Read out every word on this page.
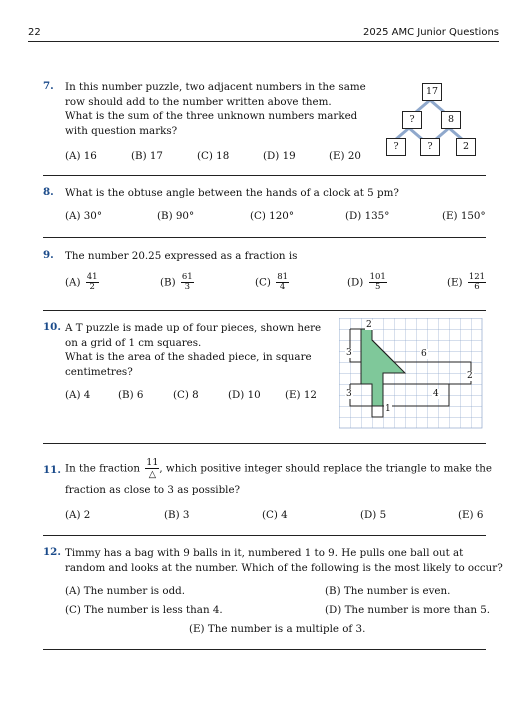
22	2025 AMC Junior Questions
7. In this number puzzle, two adjacent numbers in the same
row should add to the number written above them.
What is the sum of the three unknown numbers marked
with question marks?
(A) 16	(B) 17	(C) 18	(D) 19	(E) 20
17
?	8
?	?	2
8. What is the obtuse angle between the hands of a clock at 5 pm?
(A) 30°	(B) 90°	(C) 120°	(D) 135°	(E) 150°
9. The number 20.25 expressed as a fraction is
$(A) \frac{41}{2}$	$(B) \frac{61}{3}$	$(C) \frac{81}{4}$	$(D) \frac{101}{5}$	$(E) \frac{121}{6}$
10. A T puzzle is made up of four pieces, shown here
on a grid of 1 cm squares.
What is the area of the shaded piece, in square
centimetres?
(A) 4	(B) 6	(C) 8	(D) 10 (E) 12
2
3	6
2
3	4
1
11. In the fraction $\frac{11}{\triangle}$ , which positive integer should replace the triangle to make the
fraction as close to 3 as possible?
(A) 2	(B) 3	(C) 4	(D) 5	(E) 6
12. Timmy has a bag with 9 balls in it, numbered 1 to 9. He pulls one ball out at
random and looks at the number. Which of the following is the most likely to occur?
(A) The number is odd.	(B) The number is even.
(C) The number is less than 4.	(D) The number is more than 5.
(E) The number is a multiple of 3.
